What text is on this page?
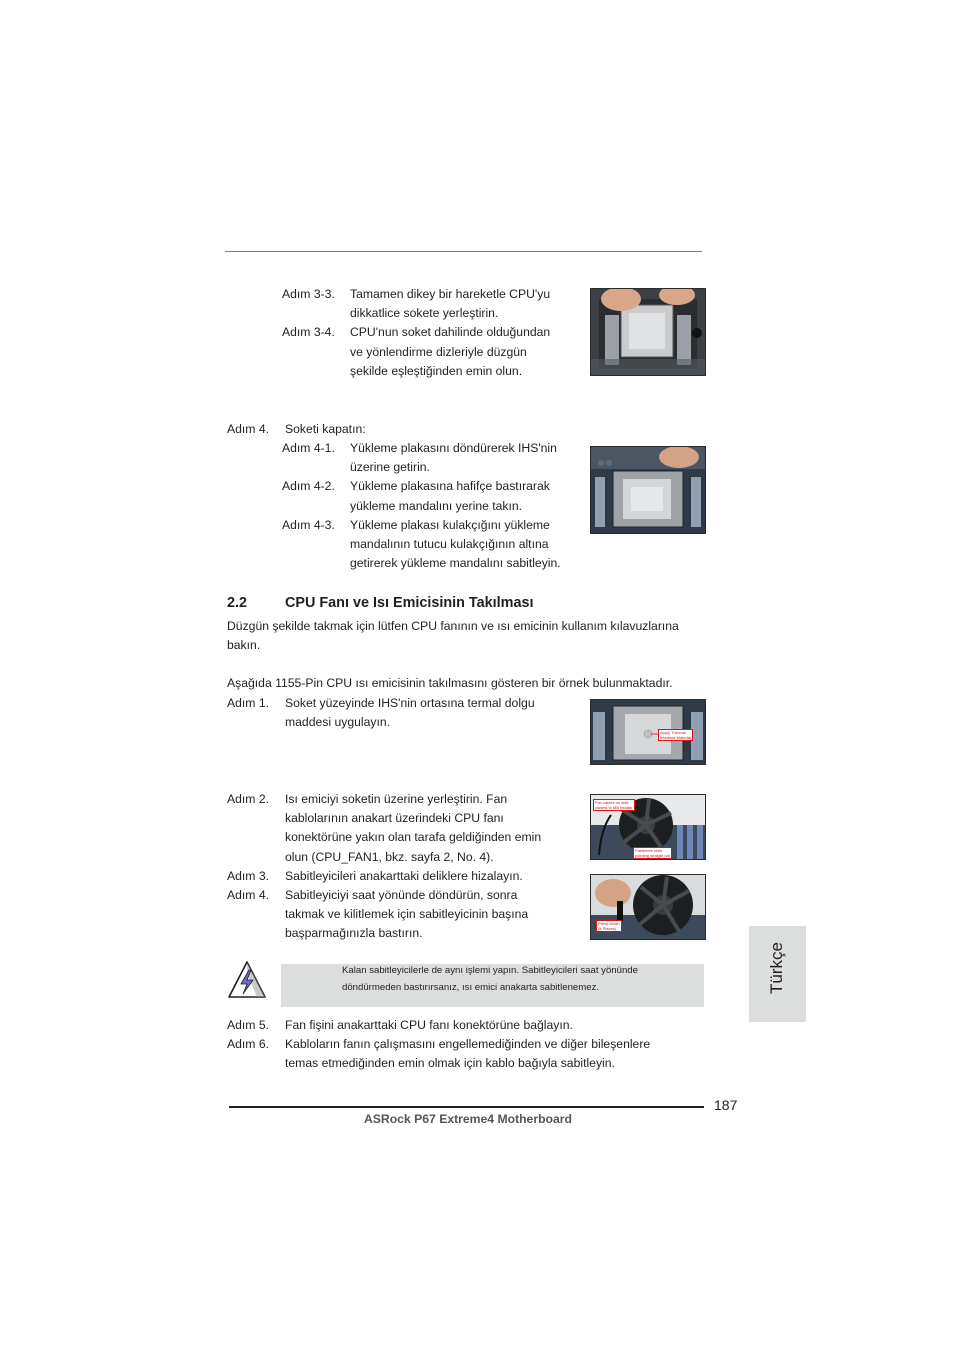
Adım 3-3. Tamamen dikey bir hareketle CPU'yu
dikkatlice sokete yerleştirin.
Adım 3-4. CPU'nun soket dahilinde olduğundan
ve yönlendirme dizleriyle düzgün
şekilde eşleştiğinden emin olun.
Adım 4. Soketi kapatın:
Adım 4-1. Yükleme plakasını döndürerek IHS'nin
üzerine getirin.
Adım 4-2. Yükleme plakasına hafifçe bastırarak
yükleme mandalını yerine takın.
Adım 4-3. Yükleme plakası kulakçığını yükleme
mandalının tutucu kulakçığının altına
getirerek yükleme mandalını sabitleyin.
2.2	CPU Fanı ve Isı Emicisinin Takılması
Düzgün şekilde takmak için lütfen CPU fanının ve ısı emicinin kullanım kılavuzlarına
bakın.
Aşağıda 1155-Pin CPU ısı emicisinin takılmasını gösteren bir örnek bulunmaktadır.
Adım 1. Soket yüzeyinde IHS'nin ortasına termal dolgu
maddesi uygulayın.
Apply Thermal
Interface Material
Adım 2. Isı emiciyi soketin üzerine yerleştirin. Fan
kablolarının anakart üzerindeki CPU fanı
konektörüne yakın olan tarafa geldiğinden emin
olun (CPU_FAN1, bkz. sayfa 2, No. 4).
Fan cables on side
closest to MB header
Fasteners slots
pointing straight out
Adım 3. Sabitleyicileri anakarttaki deliklere hizalayın.
Adım 4. Sabitleyiciyi saat yönünde döndürün, sonra
takmak ve kilitlemek için sabitleyicinin başına
başparmağınızla bastırın.
Press Down
(4 Places)
Kalan sabitleyicilerle de aynı işlemi yapın. Sabitleyicileri saat yönünde
döndürmeden bastırırsanız, ısı emici anakarta sabitlenemez.
Adım 5. Fan fişini anakarttaki CPU fanı konektörüne bağlayın.
Adım 6. Kabloların fanın çalışmasını engellemediğinden ve diğer bileşenlere
temas etmediğinden emin olmak için kablo bağıyla sabitleyin.
Türkçe
187
ASRock P67 Extreme4 Motherboard
